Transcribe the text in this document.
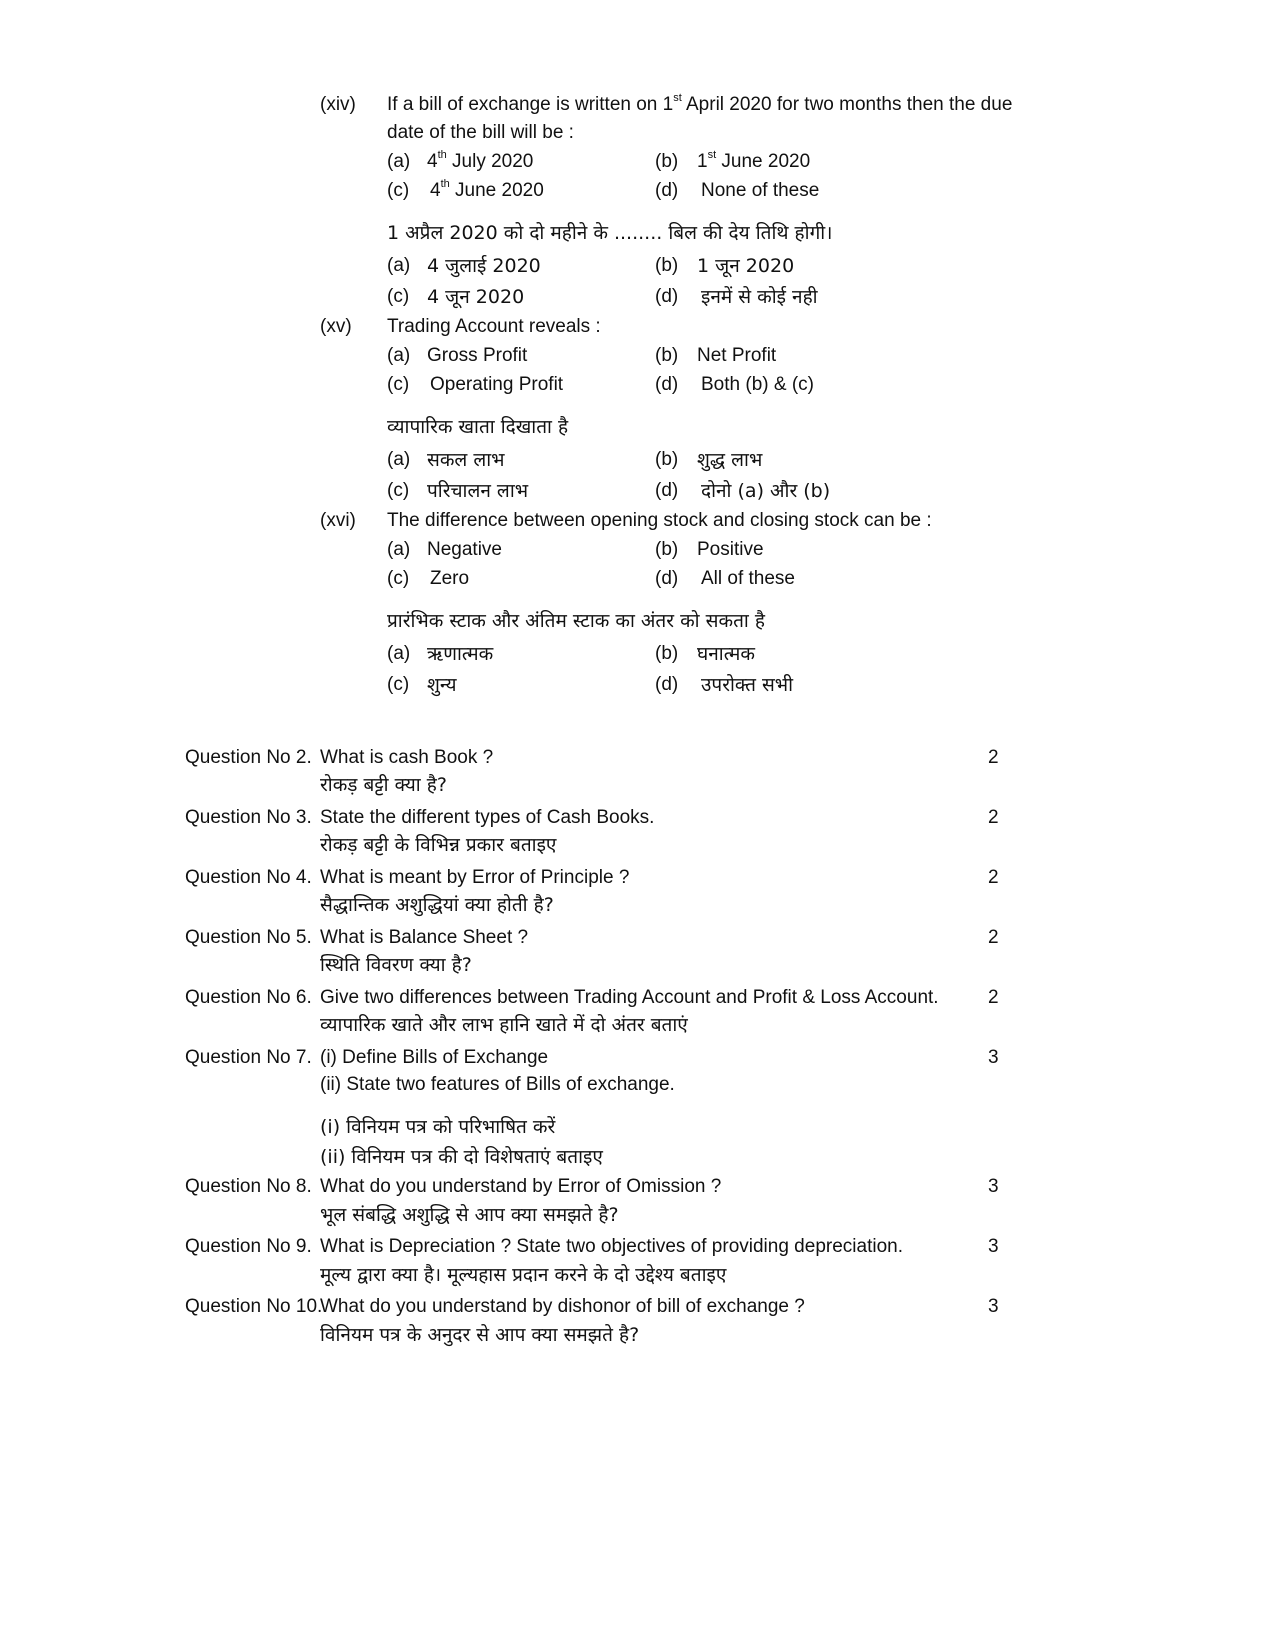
(xiv) If a bill of exchange is written on 1st April 2020 for two months then the due
date of the bill will be :
(a) 4th July 2020	(b) 1st June 2020
(c) 4th June 2020	(d) None of these
1 अप्रैल 2020 को दो महीने के ........ बिल की देय तिथि होगी।
(a) 4 जुलाई 2020	(b) 1 जून 2020
(c) 4 जून 2020	(d) इनमें से कोई नही
(xv) Trading Account reveals :
(a) Gross Profit	(b) Net Profit
(c) Operating Profit	(d) Both (b) & (c)
व्यापारिक खाता दिखाता है
(a) सकल लाभ	(b) शुद्ध लाभ
(c) परिचालन लाभ	(d) दोनो (a) और (b)
(xvi) The difference between opening stock and closing stock can be :
(a) Negative	(b) Positive
(c) Zero	(d) All of these
प्रारंभिक स्टाक और अंतिम स्टाक का अंतर को सकता है
(a) ऋणात्मक	(b) घनात्मक
(c) शुन्य	(d) उपरोक्त सभी
Question No 2. What is cash Book ?	2
रोकड़ बट्टी क्या है?
Question No 3. State the different types of Cash Books.	2
रोकड़ बट्टी के विभिन्न प्रकार बताइए
Question No 4. What is meant by Error of Principle ?	2
सैद्धान्तिक अशुद्धियां क्या होती है?
Question No 5. What is Balance Sheet ?	2
स्थिति विवरण क्या है?
Question No 6. Give two differences between Trading Account and Profit & Loss Account.	2
व्यापारिक खाते और लाभ हानि खाते में दो अंतर बताएं
Question No 7. (i) Define Bills of Exchange	3
(ii) State two features of Bills of exchange.
(i) विनियम पत्र को परिभाषित करें
(ii) विनियम पत्र की दो विशेषताएं बताइए
Question No 8. What do you understand by Error of Omission ?	3
भूल संबद्धि अशुद्धि से आप क्या समझते है?
Question No 9. What is Depreciation ? State two objectives of providing depreciation.	3
मूल्य द्वारा क्या है। मूल्यहास प्रदान करने के दो उद्देश्य बताइए
Question No 10.
What do you understand by dishonor of bill of exchange ?	3
विनियम पत्र के अनुदर से आप क्या समझते है?
